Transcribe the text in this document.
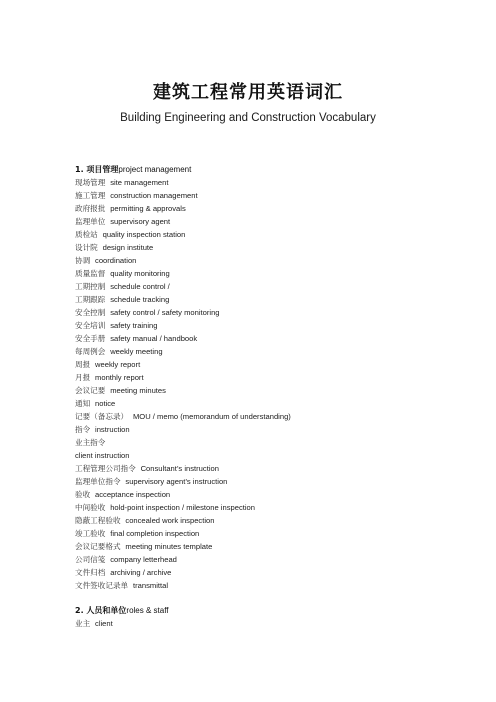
建筑工程常用英语词汇
Building Engineering and Construction Vocabulary
1. 项目管理project management
现场管理 site management
施工管理 construction management
政府报批 permitting & approvals
监理单位 supervisory agent
质检站 quality inspection station
设计院 design institute
协调 coordination
质量监督 quality monitoring
工期控制 schedule control /
工期跟踪 schedule tracking
安全控制 safety control / safety monitoring
安全培训 safety training
安全手册 safety manual / handbook
每周例会 weekly meeting
周报 weekly report
月报 monthly report
会议记要 meeting minutes
通知 notice
记要（备忘录） MOU / memo (memorandum of understanding)
指令 instruction
业主指令
client instruction
工程管理公司指令 Consultant’s instruction
监理单位指令 supervisory agent’s instruction
验收 acceptance inspection
中间验收 hold-point inspection / milestone inspection
隐蔽工程验收 concealed work inspection
竣工验收 final completion inspection
会议记要格式 meeting minutes template
公司信笺 company letterhead
文件归档 archiving / archive
文件签收记录单 transmittal
2. 人员和单位roles & staff
业主 client
